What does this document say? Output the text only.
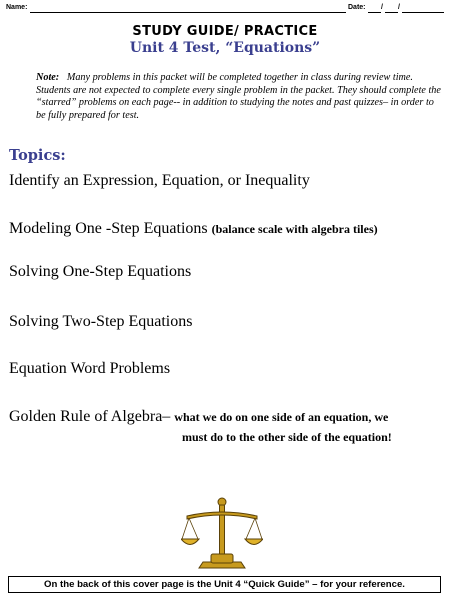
Name:	Date: / /
STUDY GUIDE/ PRACTICE
Unit 4 Test, “Equations”
Note: Many problems in this packet will be completed together in class during review time. Students are not expected to complete every single problem in the packet. They should complete the “starred” problems on each page-- in addition to studying the notes and past quizzes– in order to be fully prepared for test.
Topics:
Identify an Expression, Equation, or Inequality
Modeling One -Step Equations (balance scale with algebra tiles)
Solving One-Step Equations
Solving Two-Step Equations
Equation Word Problems
Golden Rule of Algebra– what we do on one side of an equation, we
must do to the other side of the equation!
On the back of this cover page is the Unit 4 “Quick Guide” – for your reference.
